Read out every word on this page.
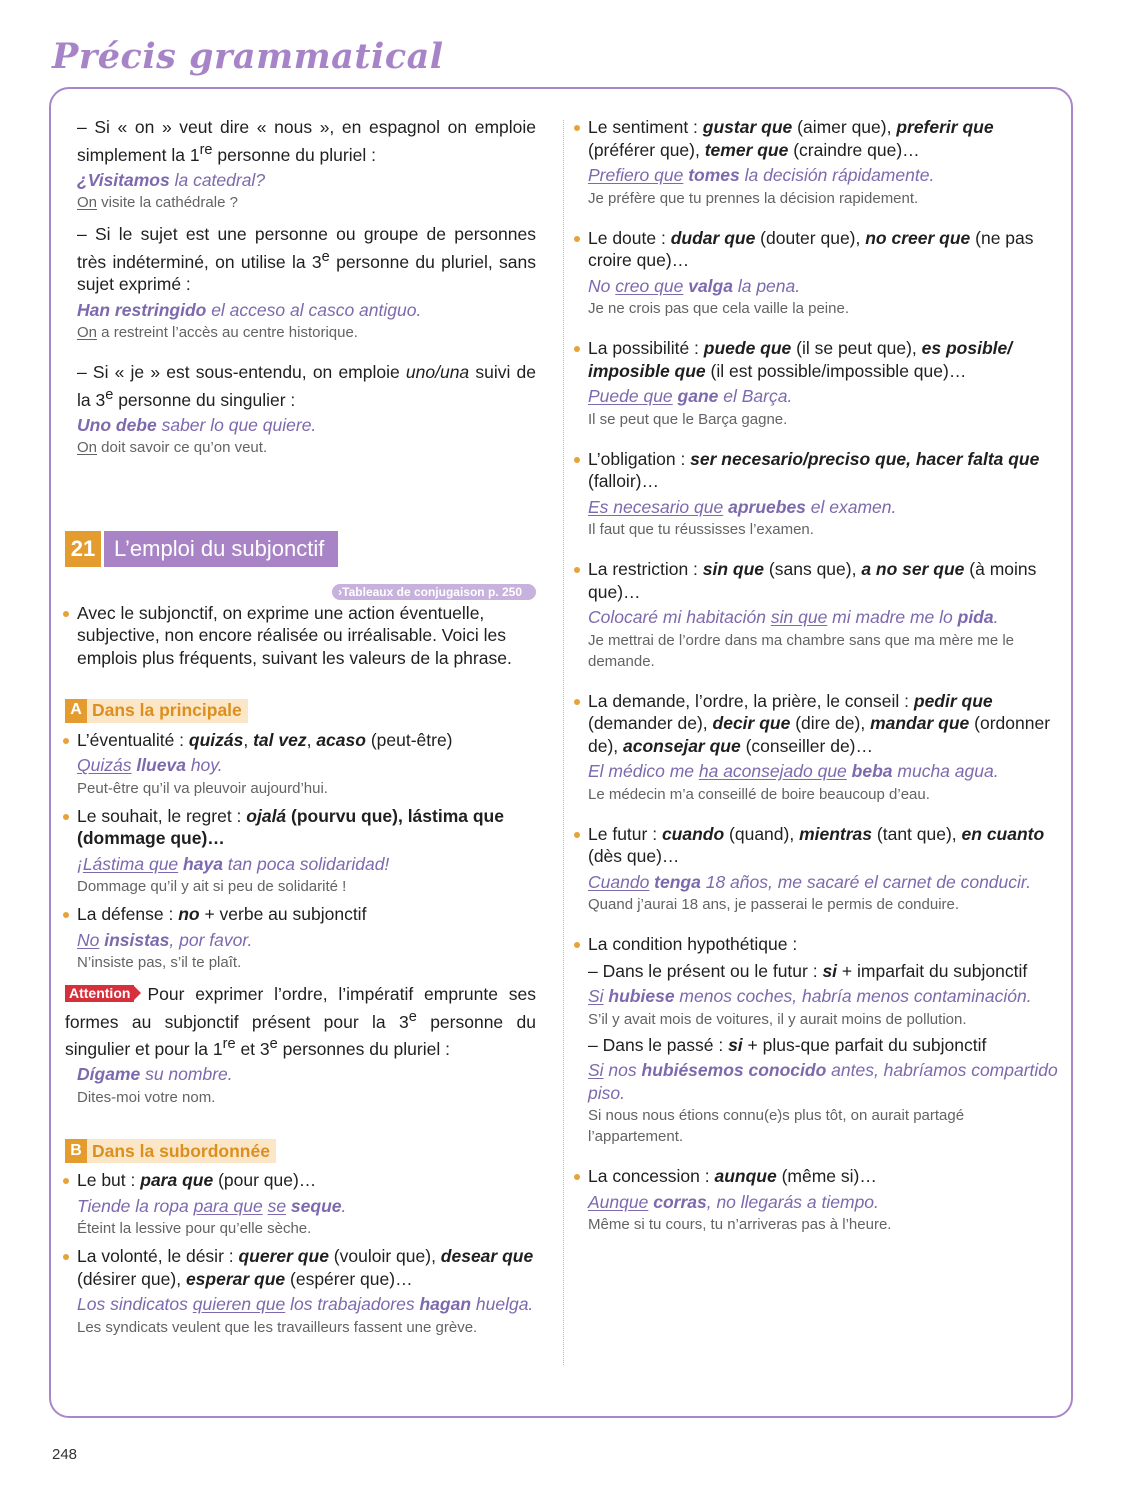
Précis grammatical

– Si « on » veut dire « nous », en espagnol on emploie simplement la 1re personne du pluriel :

¿Visitamos la catedral?

On visite la cathédrale ?

– Si le sujet est une personne ou groupe de personnes très indéterminé, on utilise la 3e personne du pluriel, sans sujet exprimé :

Han restringido el acceso al casco antiguo.

On a restreint l’accès au centre historique.

– Si « je » est sous-entendu, on emploie uno/una suivi de la 3e personne du singulier :

Uno debe saber lo que quiere.

On doit savoir ce qu’on veut.

21 L’emploi du subjonctif
›Tableaux de conjugaison p. 250

Avec le subjonctif, on exprime une action éventuelle, subjective, non encore réalisée ou irréalisable. Voici les emplois plus fréquents, suivant les valeurs de la phrase.

A Dans la principale

L’éventualité : quizás, tal vez, acaso (peut-être)

Quizás llueva hoy.

Peut-être qu’il va pleuvoir aujourd’hui.

Le souhait, le regret : ojalá (pourvu que), lástima que (dommage que)…

¡Lástima que haya tan poca solidaridad!

Dommage qu’il y ait si peu de solidarité !

La défense : no + verbe au subjonctif

No insistas, por favor.

N’insiste pas, s’il te plaît.

Attention Pour exprimer l’ordre, l’impératif emprunte ses formes au subjonctif présent pour la 3e personne du singulier et pour la 1re et 3e personnes du pluriel :

Dígame su nombre.

Dites-moi votre nom.

B Dans la subordonnée

Le but : para que (pour que)…

Tiende la ropa para que se seque.

Éteint la lessive pour qu’elle sèche.

La volonté, le désir : querer que (vouloir que), desear que (désirer que), esperar que (espérer que)…

Los sindicatos quieren que los trabajadores hagan huelga.

Les syndicats veulent que les travailleurs fassent une grève.

Le sentiment : gustar que (aimer que), preferir que (préférer que), temer que (craindre que)…

Prefiero que tomes la decisión rápidamente.

Je préfère que tu prennes la décision rapidement.

Le doute : dudar que (douter que), no creer que (ne pas croire que)…

No creo que valga la pena.

Je ne crois pas que cela vaille la peine.

La possibilité : puede que (il se peut que), es posible/ imposible que (il est possible/impossible que)…

Puede que gane el Barça.

Il se peut que le Barça gagne.

L’obligation : ser necesario/preciso que, hacer falta que (falloir)…

Es necesario que apruebes el examen.

Il faut que tu réussisses l’examen.

La restriction : sin que (sans que), a no ser que (à moins que)…

Colocaré mi habitación sin que mi madre me lo pida.

Je mettrai de l’ordre dans ma chambre sans que ma mère me le demande.

La demande, l’ordre, la prière, le conseil : pedir que (demander de), decir que (dire de), mandar que (ordonner de), aconsejar que (conseiller de)…

El médico me ha aconsejado que beba mucha agua.

Le médecin m’a conseillé de boire beaucoup d’eau.

Le futur : cuando (quand), mientras (tant que), en cuanto (dès que)…

Cuando tenga 18 años, me sacaré el carnet de conducir.

Quand j’aurai 18 ans, je passerai le permis de conduire.

La condition hypothétique :

– Dans le présent ou le futur : si + imparfait du subjonctif

Si hubiese menos coches, habría menos contaminación.

S’il y avait mois de voitures, il y aurait moins de pollution.

– Dans le passé : si + plus-que parfait du subjonctif

Si nos hubiésemos conocido antes, habríamos compartido piso.

Si nous nous étions connu(e)s plus tôt, on aurait partagé l’appartement.

La concession : aunque (même si)…

Aunque corras, no llegarás a tiempo.

Même si tu cours, tu n’arriveras pas à l’heure.

248
